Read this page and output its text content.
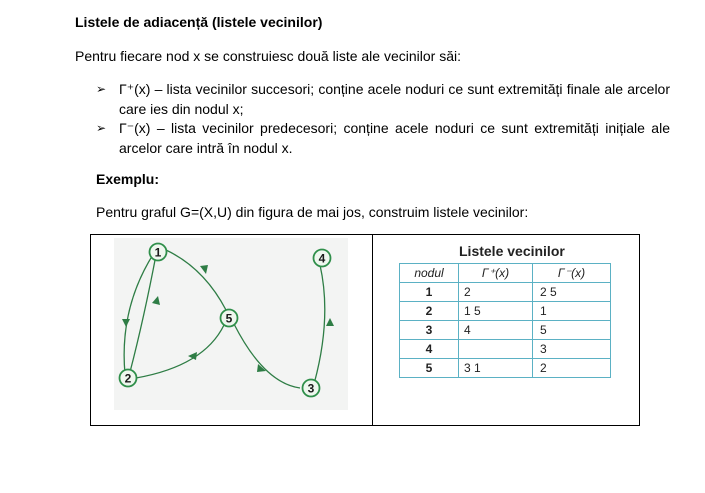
Listele de adiacență (listele vecinilor)
Pentru fiecare nod x se construiesc două liste ale vecinilor săi:
➢ Γ⁺(x) – lista vecinilor succesori; conține acele noduri ce sunt extremități finale ale arcelor care ies din nodul x;
➢ Γ⁻(x) – lista vecinilor predecesori; conține acele noduri ce sunt extremități inițiale ale arcelor care intră în nodul x.
Exemplu:
Pentru graful G=(X,U) din figura de mai jos, construim listele vecinilor:
1
2
3
4
5
Listele vecinilor
nodul	Γ⁺(x)	Γ⁻(x)
1	2	2 5
2	1 5	1
3	4	5
4		3
5	3 1	2
